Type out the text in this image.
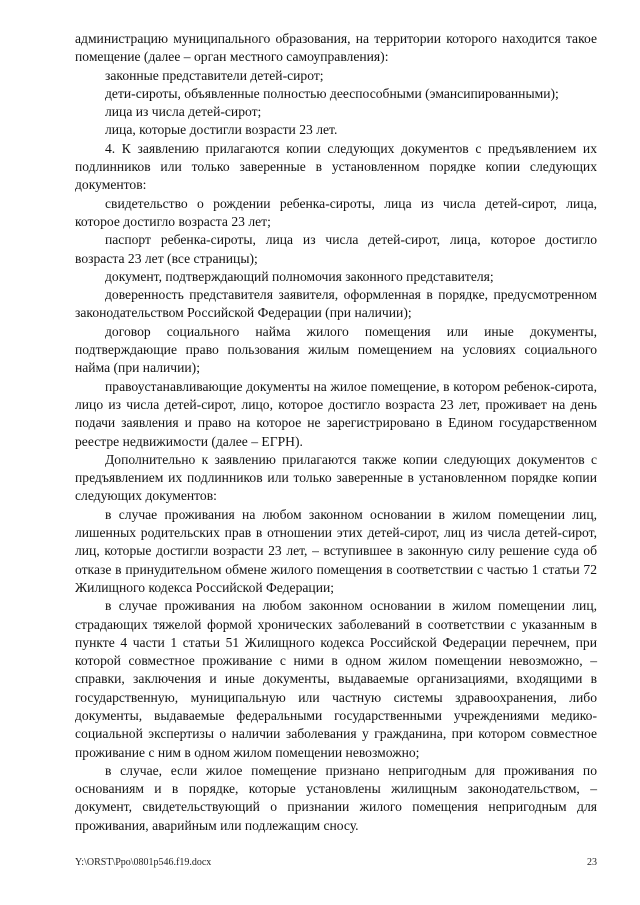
администрацию муниципального образования, на территории которого находится такое помещение (далее – орган местного самоуправления):

законные представители детей-сирот;

дети-сироты, объявленные полностью дееспособными (эмансипированными);

лица из числа детей-сирот;

лица, которые достигли возрасти 23 лет.

4. К заявлению прилагаются копии следующих документов с предъявлением их подлинников или только заверенные в установленном порядке копии следующих документов:

свидетельство о рождении ребенка-сироты, лица из числа детей-сирот, лица, которое достигло возраста 23 лет;

паспорт ребенка-сироты, лица из числа детей-сирот, лица, которое достигло возраста 23 лет (все страницы);

документ, подтверждающий полномочия законного представителя;

доверенность представителя заявителя, оформленная в порядке, предусмотренном законодательством Российской Федерации (при наличии);

договор социального найма жилого помещения или иные документы, подтверждающие право пользования жилым помещением на условиях социального найма (при наличии);

правоустанавливающие документы на жилое помещение, в котором ребенок-сирота, лицо из числа детей-сирот, лицо, которое достигло возраста 23 лет, проживает на день подачи заявления и право на которое не зарегистрировано в Едином государственном реестре недвижимости (далее – ЕГРН).

Дополнительно к заявлению прилагаются также копии следующих документов с предъявлением их подлинников или только заверенные в установленном порядке копии следующих документов:

в случае проживания на любом законном основании в жилом помещении лиц, лишенных родительских прав в отношении этих детей-сирот, лиц из числа детей-сирот, лиц, которые достигли возрасти 23 лет, – вступившее в законную силу решение суда об отказе в принудительном обмене жилого помещения в соответствии с частью 1 статьи 72 Жилищного кодекса Российской Федерации;

в случае проживания на любом законном основании в жилом помещении лиц, страдающих тяжелой формой хронических заболеваний в соответствии с указанным в пункте 4 части 1 статьи 51 Жилищного кодекса Российской Федерации перечнем, при которой совместное проживание с ними в одном жилом помещении невозможно, – справки, заключения и иные документы, выдаваемые организациями, входящими в государственную, муниципальную или частную системы здравоохранения, либо документы, выдаваемые федеральными государственными учреждениями медико-социальной экспертизы о наличии заболевания у гражданина, при котором совместное проживание с ним в одном жилом помещении невозможно;

в случае, если жилое помещение признано непригодным для проживания по основаниям и в порядке, которые установлены жилищным законодательством, – документ, свидетельствующий о признании жилого помещения непригодным для проживания, аварийным или подлежащим сносу.

Y:\ORST\Ppo\0801p546.f19.docx	23
